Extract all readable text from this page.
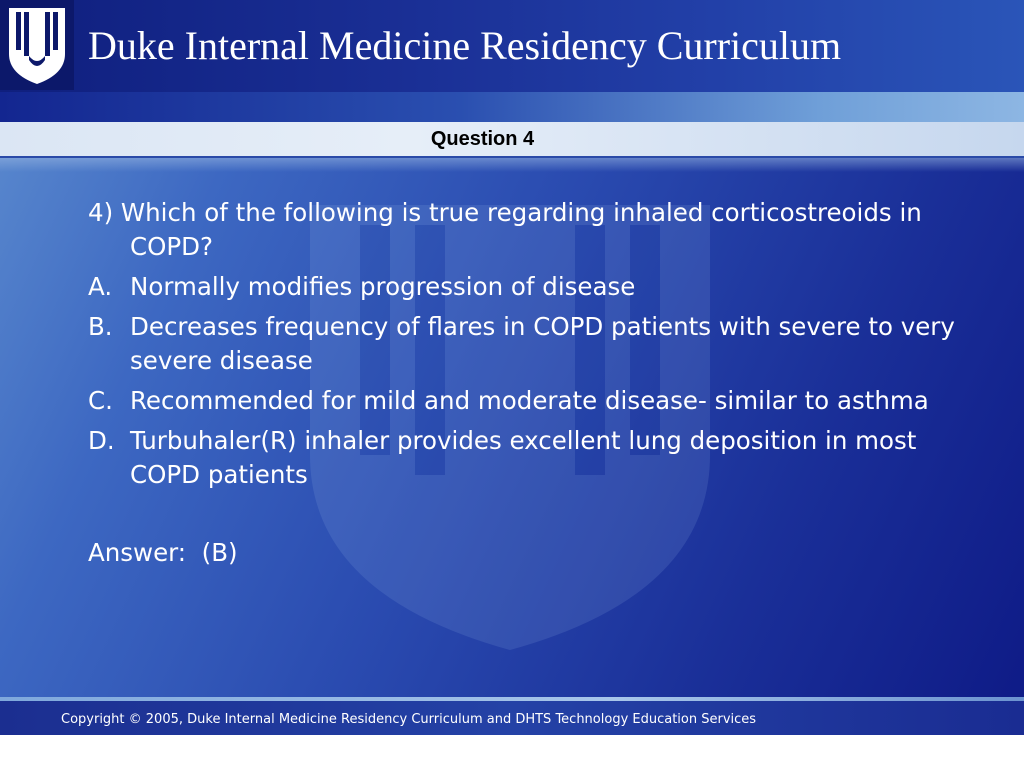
Duke Internal Medicine Residency Curriculum
Question 4
4) Which of the following is true regarding inhaled corticostreoids in COPD?
A. Normally modifies progression of disease
B. Decreases frequency of flares in COPD patients with severe to very severe disease
C. Recommended for mild and moderate disease- similar to asthma
D. Turbuhaler(R) inhaler provides excellent lung deposition in most COPD patients
Answer:  (B)
Copyright © 2005, Duke Internal Medicine Residency Curriculum and DHTS Technology Education Services
